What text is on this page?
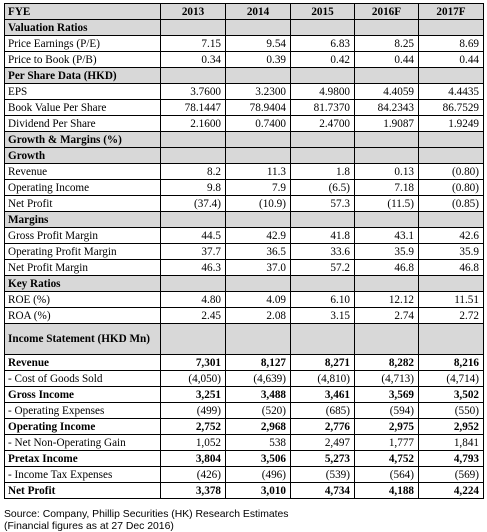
FYE	2013	2014	2015	2016F	2017F
Valuation Ratios					
Price Earnings (P/E)	7.15	9.54	6.83	8.25	8.69
Price to Book (P/B)	0.34	0.39	0.42	0.44	0.44
Per Share Data (HKD)					
EPS	3.7600	3.2300	4.9800	4.4059	4.4435
Book Value Per Share	78.1447	78.9404	81.7370	84.2343	86.7529
Dividend Per Share	2.1600	0.7400	2.4700	1.9087	1.9249
Growth & Margins (%)					
Growth					
Revenue	8.2	11.3	1.8	0.13	(0.80)
Operating Income	9.8	7.9	(6.5)	7.18	(0.80)
Net Profit	(37.4)	(10.9)	57.3	(11.5)	(0.85)
Margins					
Gross Profit Margin	44.5	42.9	41.8	43.1	42.6
Operating Profit Margin	37.7	36.5	33.6	35.9	35.9
Net Profit Margin	46.3	37.0	57.2	46.8	46.8
Key Ratios					
ROE (%)	4.80	4.09	6.10	12.12	11.51
ROA (%)	2.45	2.08	3.15	2.74	2.72
Income Statement (HKD Mn)					
Revenue	7,301	8,127	8,271	8,282	8,216
- Cost of Goods Sold	(4,050)	(4,639)	(4,810)	(4,713)	(4,714)
Gross Income	3,251	3,488	3,461	3,569	3,502
- Operating Expenses	(499)	(520)	(685)	(594)	(550)
Operating Income	2,752	2,968	2,776	2,975	2,952
- Net Non-Operating Gain	1,052	538	2,497	1,777	1,841
Pretax Income	3,804	3,506	5,273	4,752	4,793
- Income Tax Expenses	(426)	(496)	(539)	(564)	(569)
Net Profit	3,378	3,010	4,734	4,188	4,224
Source: Company, Phillip Securities (HK) Research Estimates
(Financial figures as at 27 Dec 2016)
